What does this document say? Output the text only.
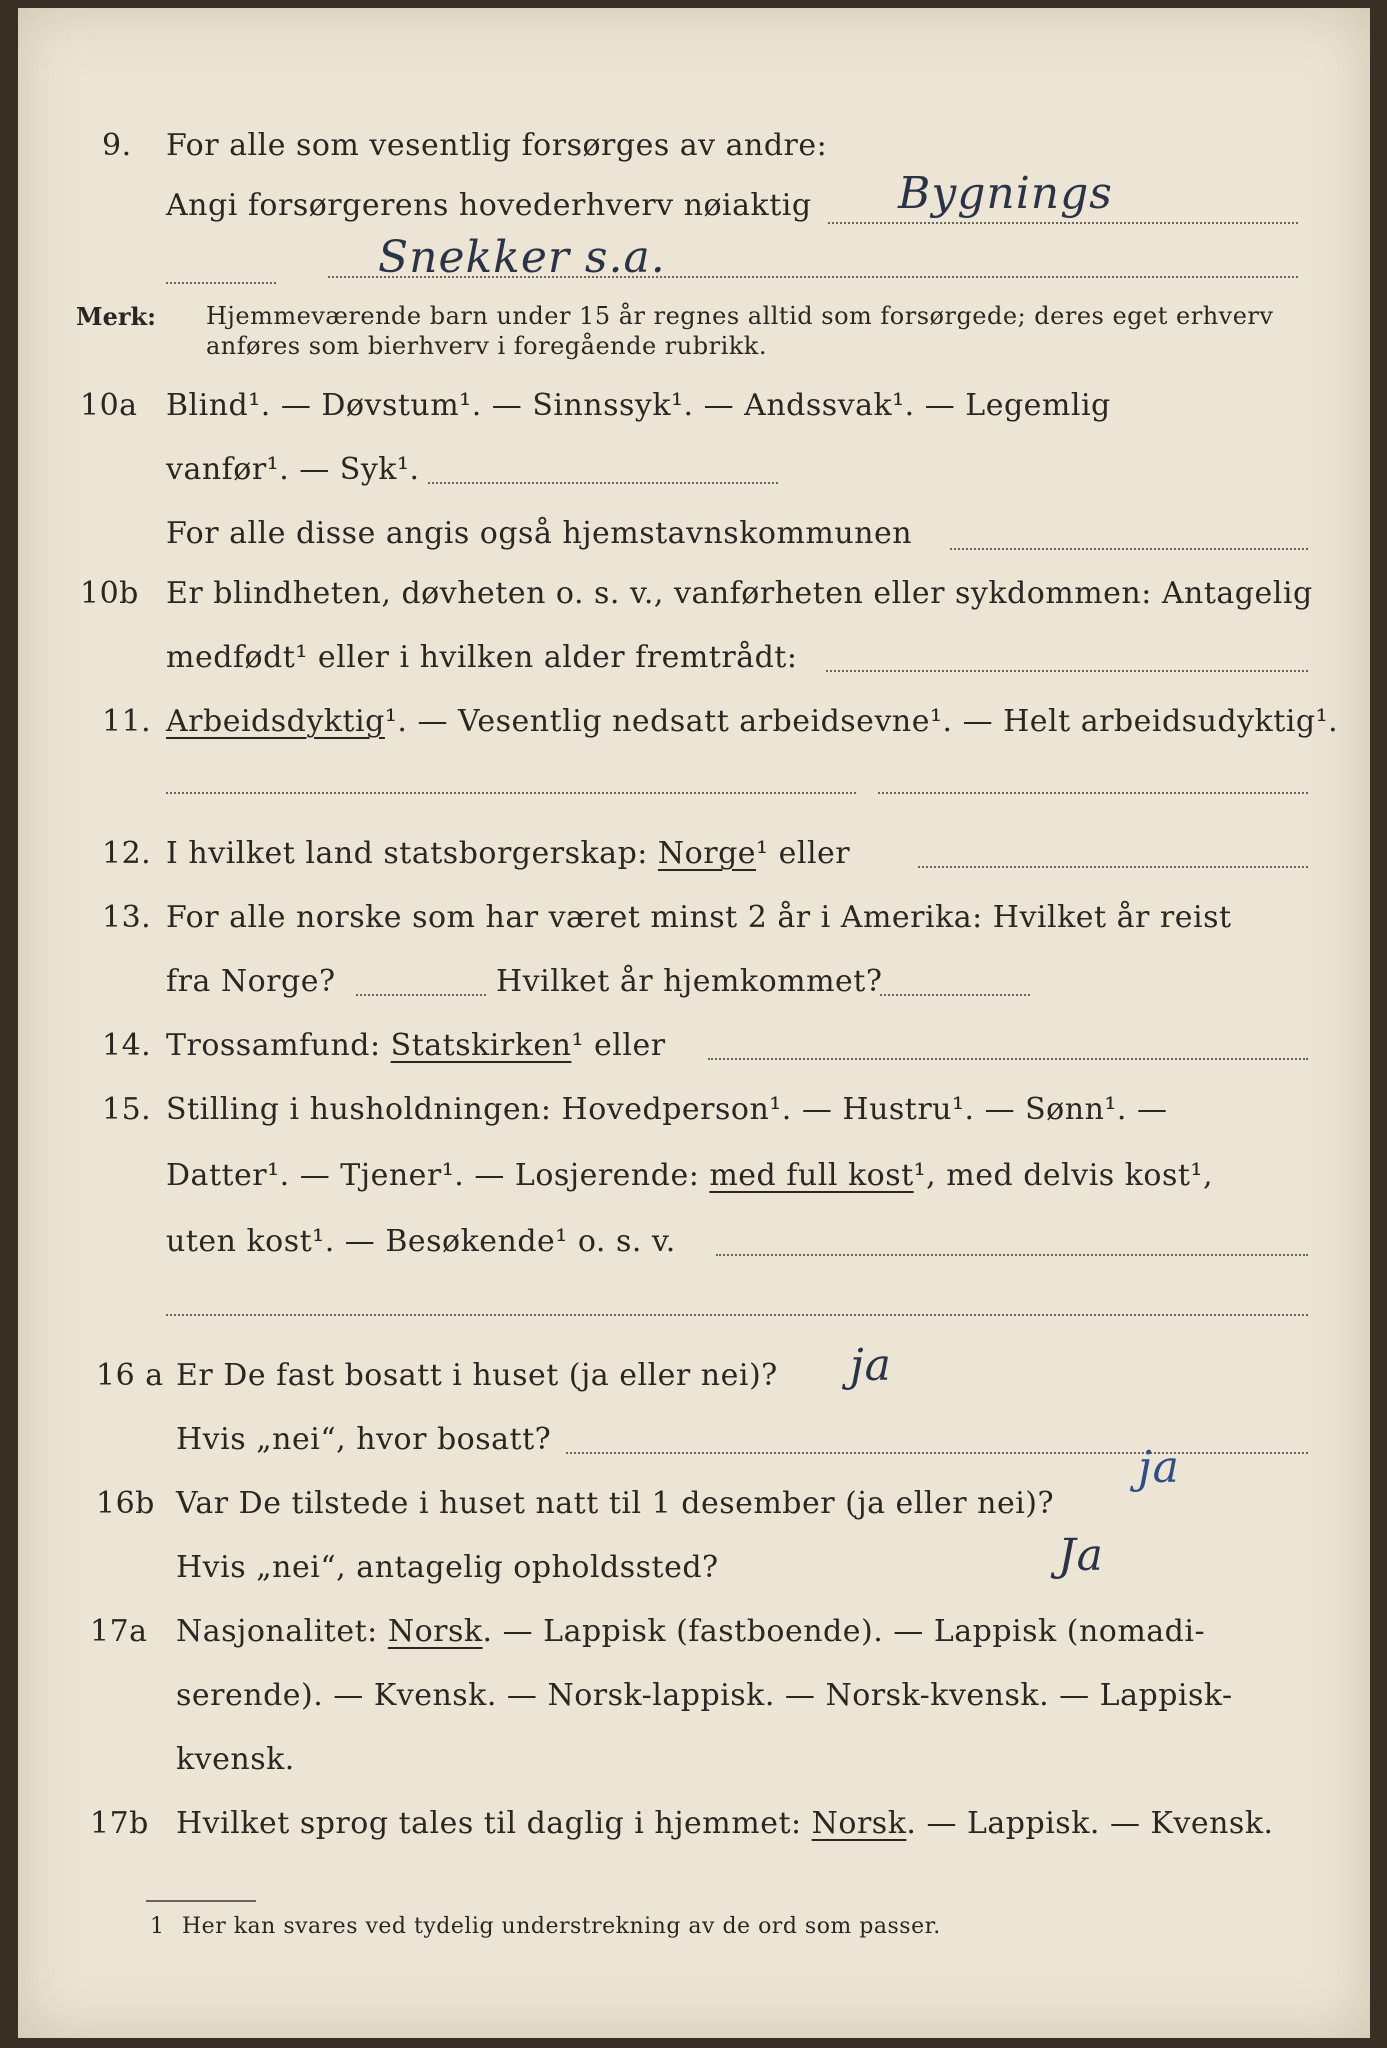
9. For alle som vesentlig forsørges av andre:
Angi forsørgerens hovederhverv nøiaktig Bygnings
Snekker s.a.
Merk: Hjemmeværende barn under 15 år regnes alltid som forsørgede; deres eget erhverv
anføres som bierhverv i foregående rubrikk.
10a Blind¹. — Døvstum¹. — Sinnssyk¹. — Andssvak¹. — Legemlig
vanfør¹. — Syk¹.
For alle disse angis også hjemstavnskommunen
10b Er blindheten, døvheten o. s. v., vanførheten eller sykdommen: Antagelig
medfødt¹ eller i hvilken alder fremtrådt:
11. Arbeidsdyktig¹. — Vesentlig nedsatt arbeidsevne¹. — Helt arbeidsudyktig¹.
12. I hvilket land statsborgerskap: Norge¹ eller
13. For alle norske som har været minst 2 år i Amerika: Hvilket år reist
fra Norge?	Hvilket år hjemkommet?
14. Trossamfund: Statskirken¹ eller
15. Stilling i husholdningen: Hovedperson¹. — Hustru¹. — Sønn¹. —
Datter¹. — Tjener¹. — Losjerende: med full kost¹, med delvis kost¹,
uten kost¹. — Besøkende¹ o. s. v.
16 a Er De fast bosatt i huset (ja eller nei)? ja
Hvis „nei“, hvor bosatt?
16b Var De tilstede i huset natt til 1 desember (ja eller nei)?
ja
Hvis „nei“, antagelig opholdssted?	Ja
17a Nasjonalitet: Norsk. — Lappisk (fastboende). — Lappisk (nomadi-
serende). — Kvensk. — Norsk-lappisk. — Norsk-kvensk. — Lappisk-
kvensk.
17b Hvilket sprog tales til daglig i hjemmet: Norsk. — Lappisk. — Kvensk.
1 Her kan svares ved tydelig understrekning av de ord som passer.
